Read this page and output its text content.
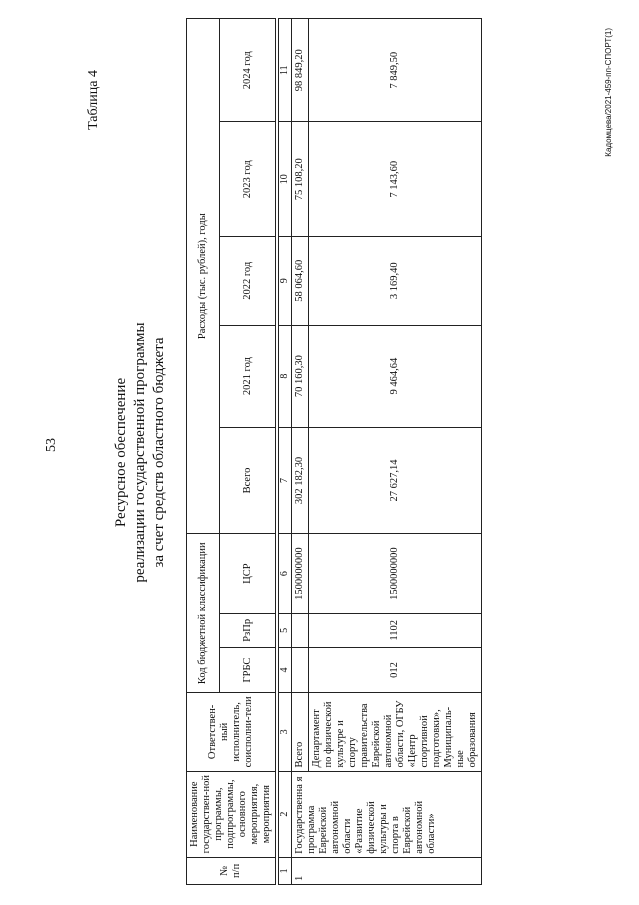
53
Таблица 4
Ресурсное обеспечение реализации государственной программы за счет средств областного бюджета
№ п/п	Наименование государствен-ной программы, подпрограммы, основного мероприятия, мероприятия	Ответствен-ный исполнитель, соисполни-тели	Код бюджетной классификации			Расходы (тыс. рублей), годы				
			ГРБС	РзПр	ЦСР	Всего	2021 год	2022 год	2023 год	2024 год

1	2	3	4	5	6	7	8	9	10	11
1	Государственна я программа Еврейской автономной области «Развитие физической культуры и спорта в Еврейской автономной области»	Всего			1500000000	302 182,30	70 160,30	58 064,60	75 108,20	98 849,20
		Департамент по физической культуре и спорту правительства Еврейской автономной области, ОГБУ «Центр спортивной подготовки», Муниципаль-ные образования	012	1102	1500000000	27 627,14	9 464,64	3 169,40	7 143,60	7 849,50	Кадомцева/2021-459-пп-СПОРТ(1)
